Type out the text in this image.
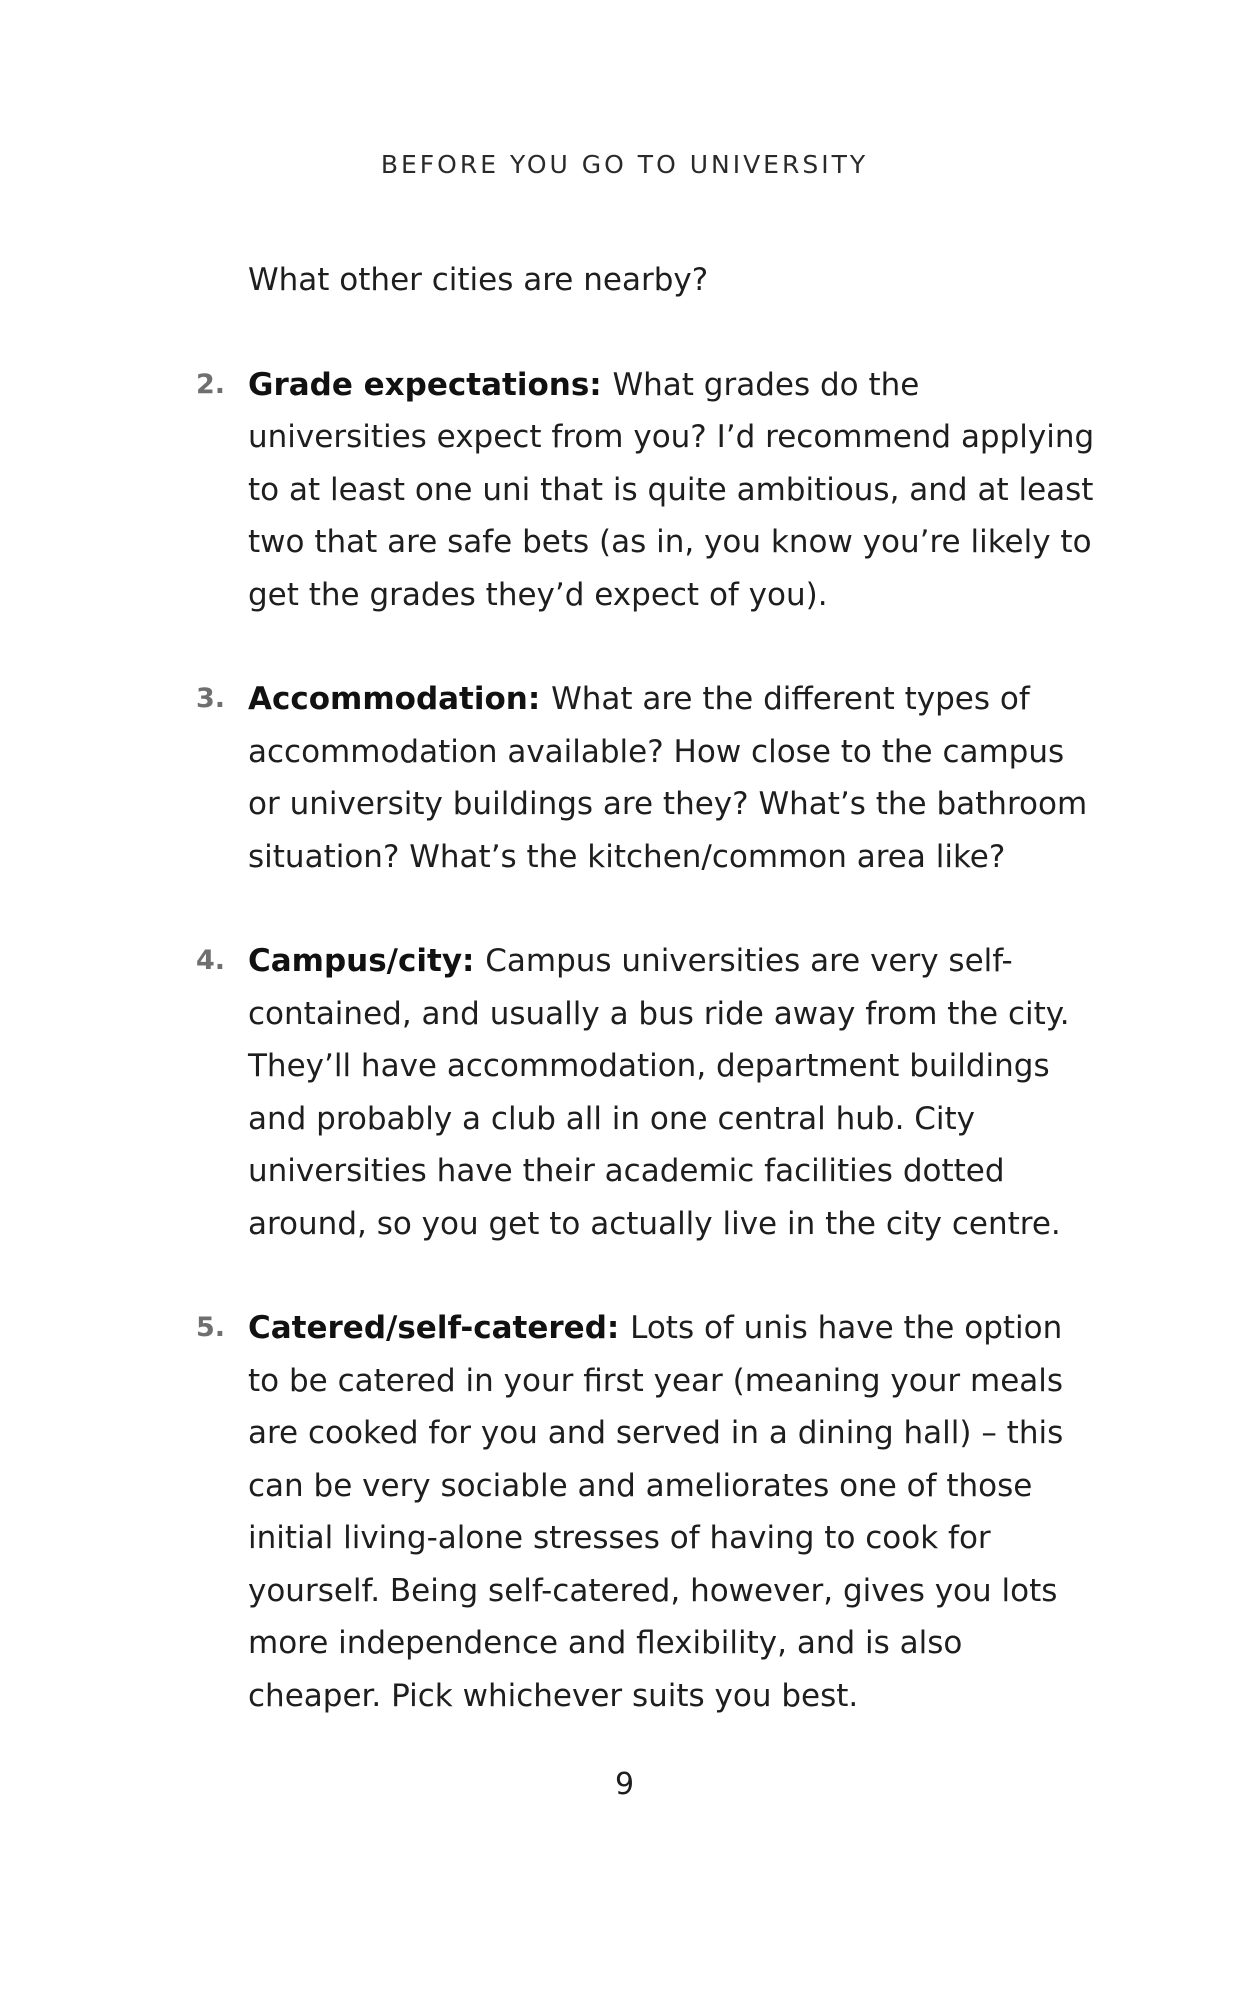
BEFORE YOU GO TO UNIVERSITY

What other cities are nearby?

2. Grade expectations: What grades do the universities expect from you? I’d recommend applying to at least one uni that is quite ambitious, and at least two that are safe bets (as in, you know you’re likely to get the grades they’d expect of you).
3. Accommodation: What are the different types of accommodation available? How close to the campus or university buildings are they? What’s the bathroom situation? What’s the kitchen/common area like?
4. Campus/city: Campus universities are very self-contained, and usually a bus ride away from the city. They’ll have accommodation, department buildings and probably a club all in one central hub. City universities have their academic facilities dotted around, so you get to actually live in the city centre.
5. Catered/self-catered: Lots of unis have the option to be catered in your first year (meaning your meals are cooked for you and served in a dining hall) – this can be very sociable and ameliorates one of those initial living-alone stresses of having to cook for yourself. Being self-catered, however, gives you lots more independence and flexibility, and is also cheaper. Pick whichever suits you best.
9
